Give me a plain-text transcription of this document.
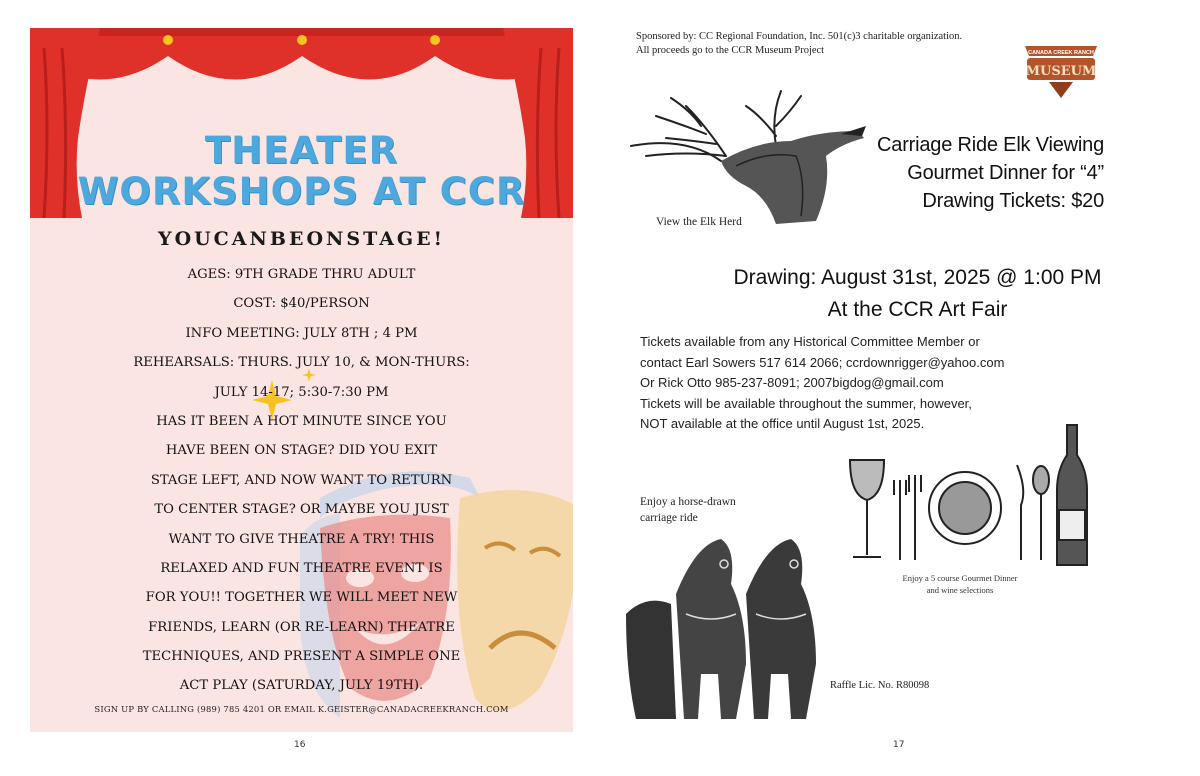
THEATER
WORKSHOPS AT CCR
YOUCANBEONSTAGE!
AGES: 9TH GRADE THRU ADULT
COST: $40/PERSON
INFO MEETING: JULY 8TH ; 4 PM
REHEARSALS: THURS. JULY 10, & MON-THURS:
JULY 14-17; 5:30-7:30 PM
HAS IT BEEN A HOT MINUTE SINCE YOU
HAVE BEEN ON STAGE? DID YOU EXIT
STAGE LEFT, AND NOW WANT TO RETURN
TO CENTER STAGE? OR MAYBE YOU JUST
WANT TO GIVE THEATRE A TRY! THIS
RELAXED AND FUN THEATRE EVENT IS
FOR YOU!! TOGETHER WE WILL MEET NEW
FRIENDS, LEARN (OR RE-LEARN) THEATRE
TECHNIQUES, AND PRESENT A SIMPLE ONE
ACT PLAY (SATURDAY, JULY 19TH).
SIGN UP BY CALLING (989) 785 4201 OR EMAIL K.GEISTER@CANADACREEKRANCH.COM
16
Sponsored by: CC Regional Foundation, Inc. 501(c)3 charitable organization.
All proceeds go to the CCR Museum Project	CANADA CREEK RANCH
MUSEUM
View the Elk Herd
Carriage Ride Elk Viewing
Gourmet Dinner for “4”
Drawing Tickets: $20
Drawing: August 31st, 2025 @ 1:00 PM
At the CCR Art Fair
Tickets available from any Historical Committee Member or
contact Earl Sowers 517 614 2066; ccrdownrigger@yahoo.com
Or Rick Otto 985-237-8091; 2007bigdog@gmail.com
Tickets will be available throughout the summer, however,
NOT available at the office until August 1st, 2025.
Enjoy a horse-drawn carriage ride
Enjoy a 5 course Gourmet Dinner
and wine selections
Raffle Lic. No. R80098
17
